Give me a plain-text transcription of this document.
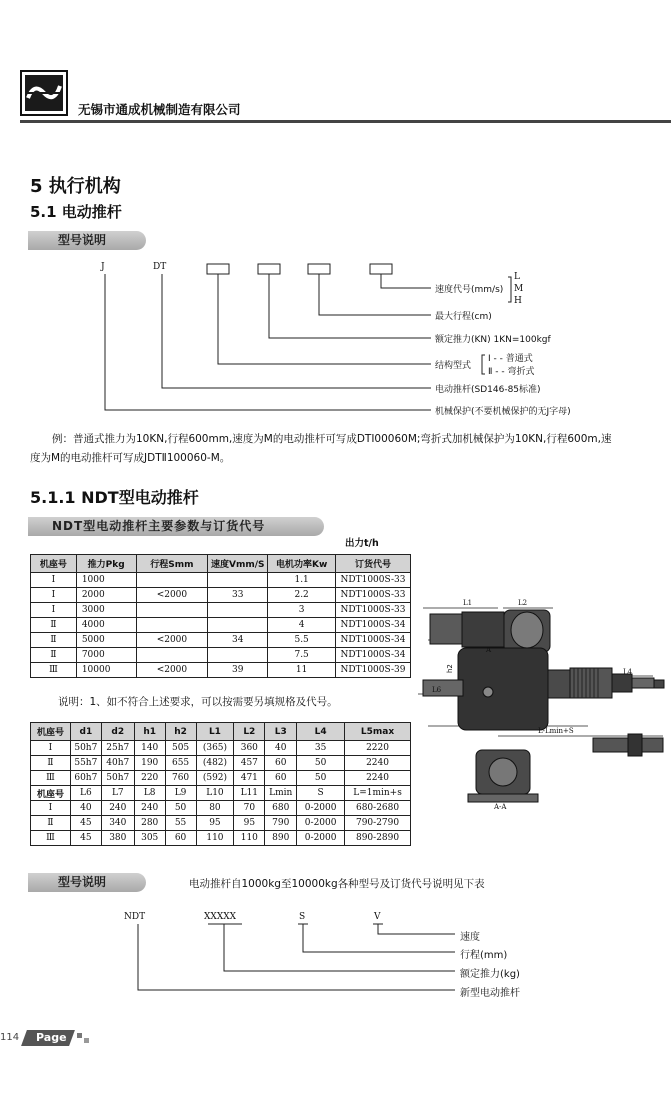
无锡市通成机械制造有限公司
5 执行机构
5.1 电动推杆
型号说明
J	DT
速度代号(mm/s)
L
M
H
最大行程(cm)
额定推力(KN) 1KN=100kgf
结构型式
Ⅰ - - 普通式
Ⅱ - - 弯折式
电动推杆(SD146-85标准)
机械保护(不要机械保护的无J字母)
例：普通式推力为10KN,行程600mm,速度为M的电动推杆可写成DTⅠ00060M;弯折式加机械保护为10KN,行程600m,速
度为M的电动推杆可写成JDTⅡ100060-M。
5.1.1 NDT型电动推杆
NDT型电动推杆主要参数与订货代号
出力t/h
机座号	推力Pkg	行程Smm	速度Vmm/S	电机功率Kw	订货代号
Ⅰ	1000			1.1	NDT1000S-33
Ⅰ	2000	<2000	33	2.2	NDT1000S-33
Ⅰ	3000			3	NDT1000S-33
Ⅱ	4000			4	NDT1000S-34
Ⅱ	5000	<2000	34	5.5	NDT1000S-34
Ⅱ	7000			7.5	NDT1000S-34
Ⅲ	10000	<2000	39	11	NDT1000S-39
说明：1、如不符合上述要求，可以按需要另填规格及代号。
机座号	d1	d2	h1	h2	L1	L2	L3	L4	L5max
Ⅰ	50h7	25h7	140	505	(365)	360	40	35	2220
Ⅱ	55h7	40h7	190	655	(482)	457	60	50	2240
Ⅲ	60h7	50h7	220	760	(592)	471	60	50	2240
机座号	L6	L7	L8	L9	L10	L11	Lmin	S	L=1min+s
Ⅰ	40	240	240	50	80	70	680	0-2000	680-2680
Ⅱ	45	340	280	55	95	95	790	0-2000	790-2790
Ⅲ	45	380	305	60	110	110	890	0-2000	890-2890
h2
L1	L2
L4
L6
L-Lmin+S
A
A-A
型号说明	电动推杆自1000kg至10000kg各种型号及订货代号说明见下表
NDT	XXXXX	S	V
速度
行程(mm)
额定推力(kg)
新型电动推杆
114 Page
